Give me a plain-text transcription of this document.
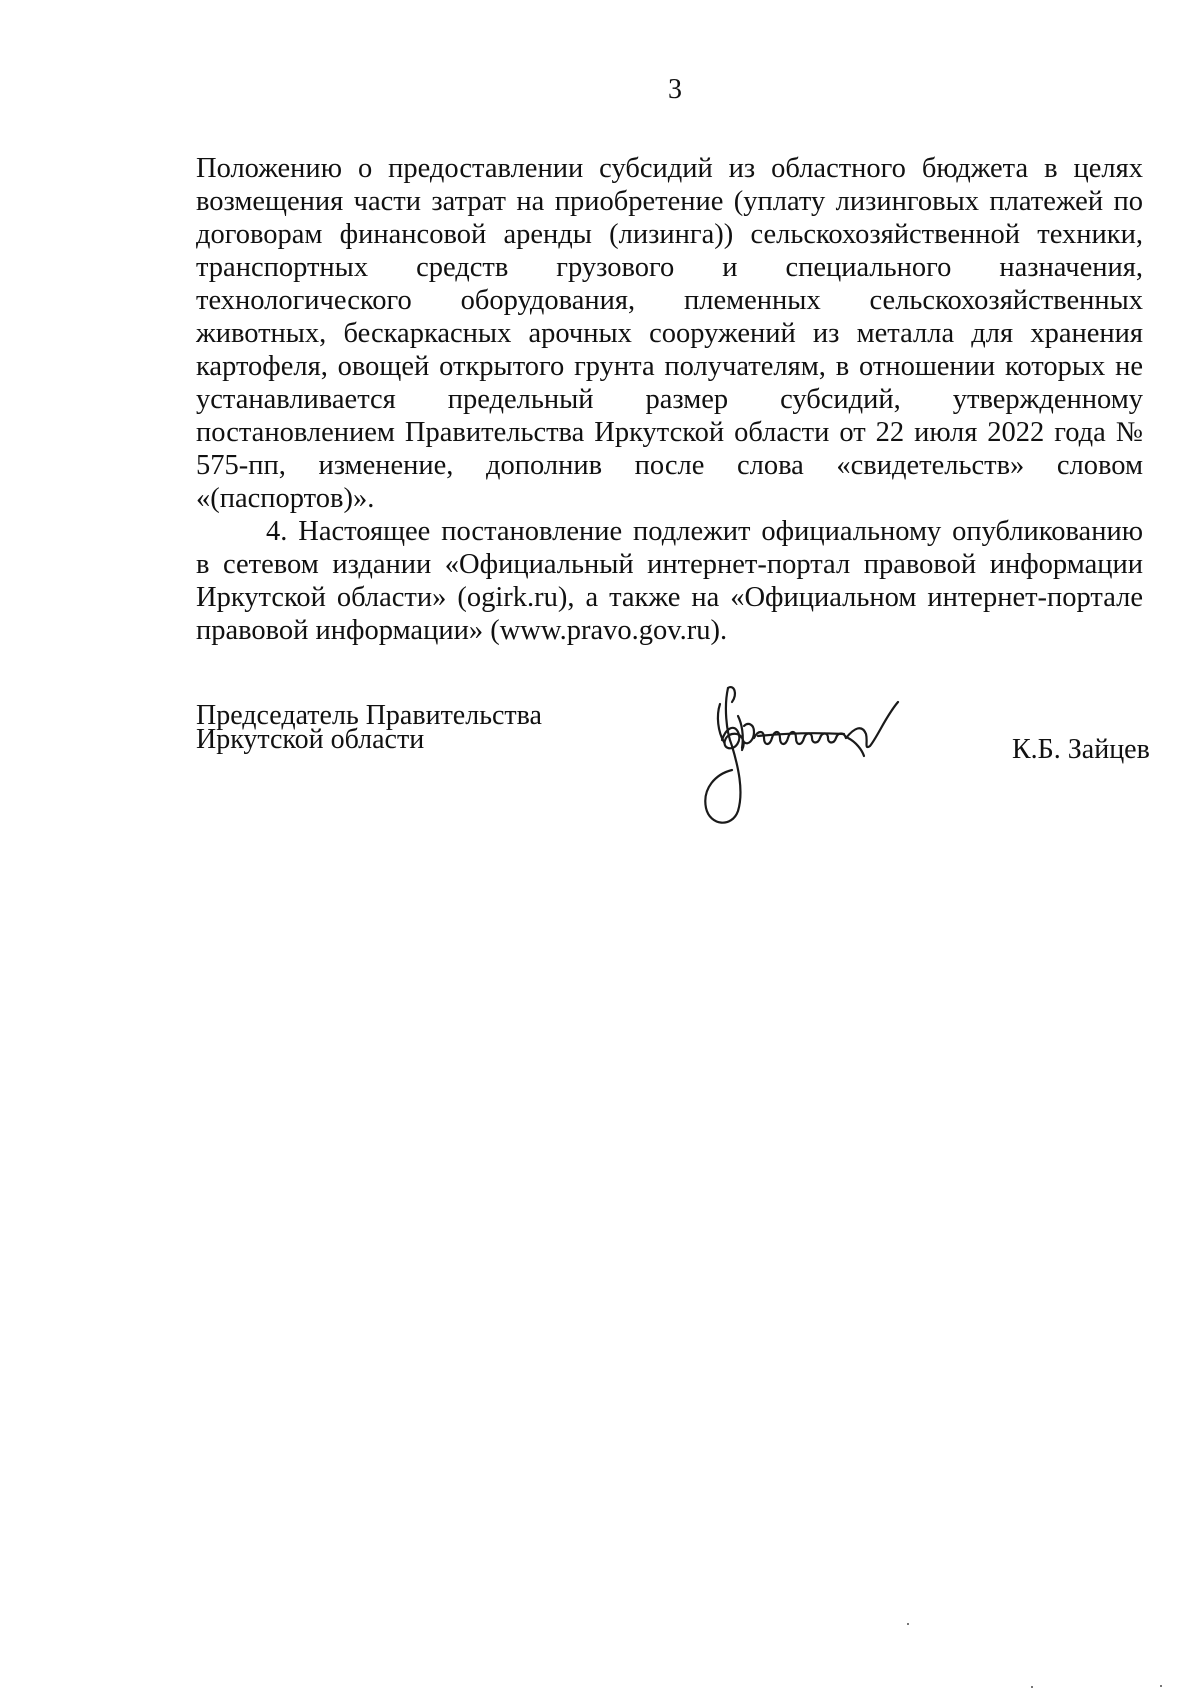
3

Положению о предоставлении субсидий из областного бюджета в целях возмещения части затрат на приобретение (уплату лизинговых платежей по договорам финансовой аренды (лизинга)) сельскохозяйственной техники, транспортных средств грузового и специального назначения, технологического оборудования, племенных сельскохозяйственных животных, бескаркасных арочных сооружений из металла для хранения картофеля, овощей открытого грунта получателям, в отношении которых не устанавливается предельный размер субсидий, утвержденному постановлением Правительства Иркутской области от 22 июля 2022 года № 575-пп, изменение, дополнив после слова «свидетельств» словом «(паспортов)».

4. Настоящее постановление подлежит официальному опубликованию в сетевом издании «Официальный интернет-портал правовой информации Иркутской области» (ogirk.ru), а также на «Официальном интернет-портале правовой информации» (www.pravo.gov.ru).

Председатель Правительства
Иркутской области	К.Б. Зайцев
